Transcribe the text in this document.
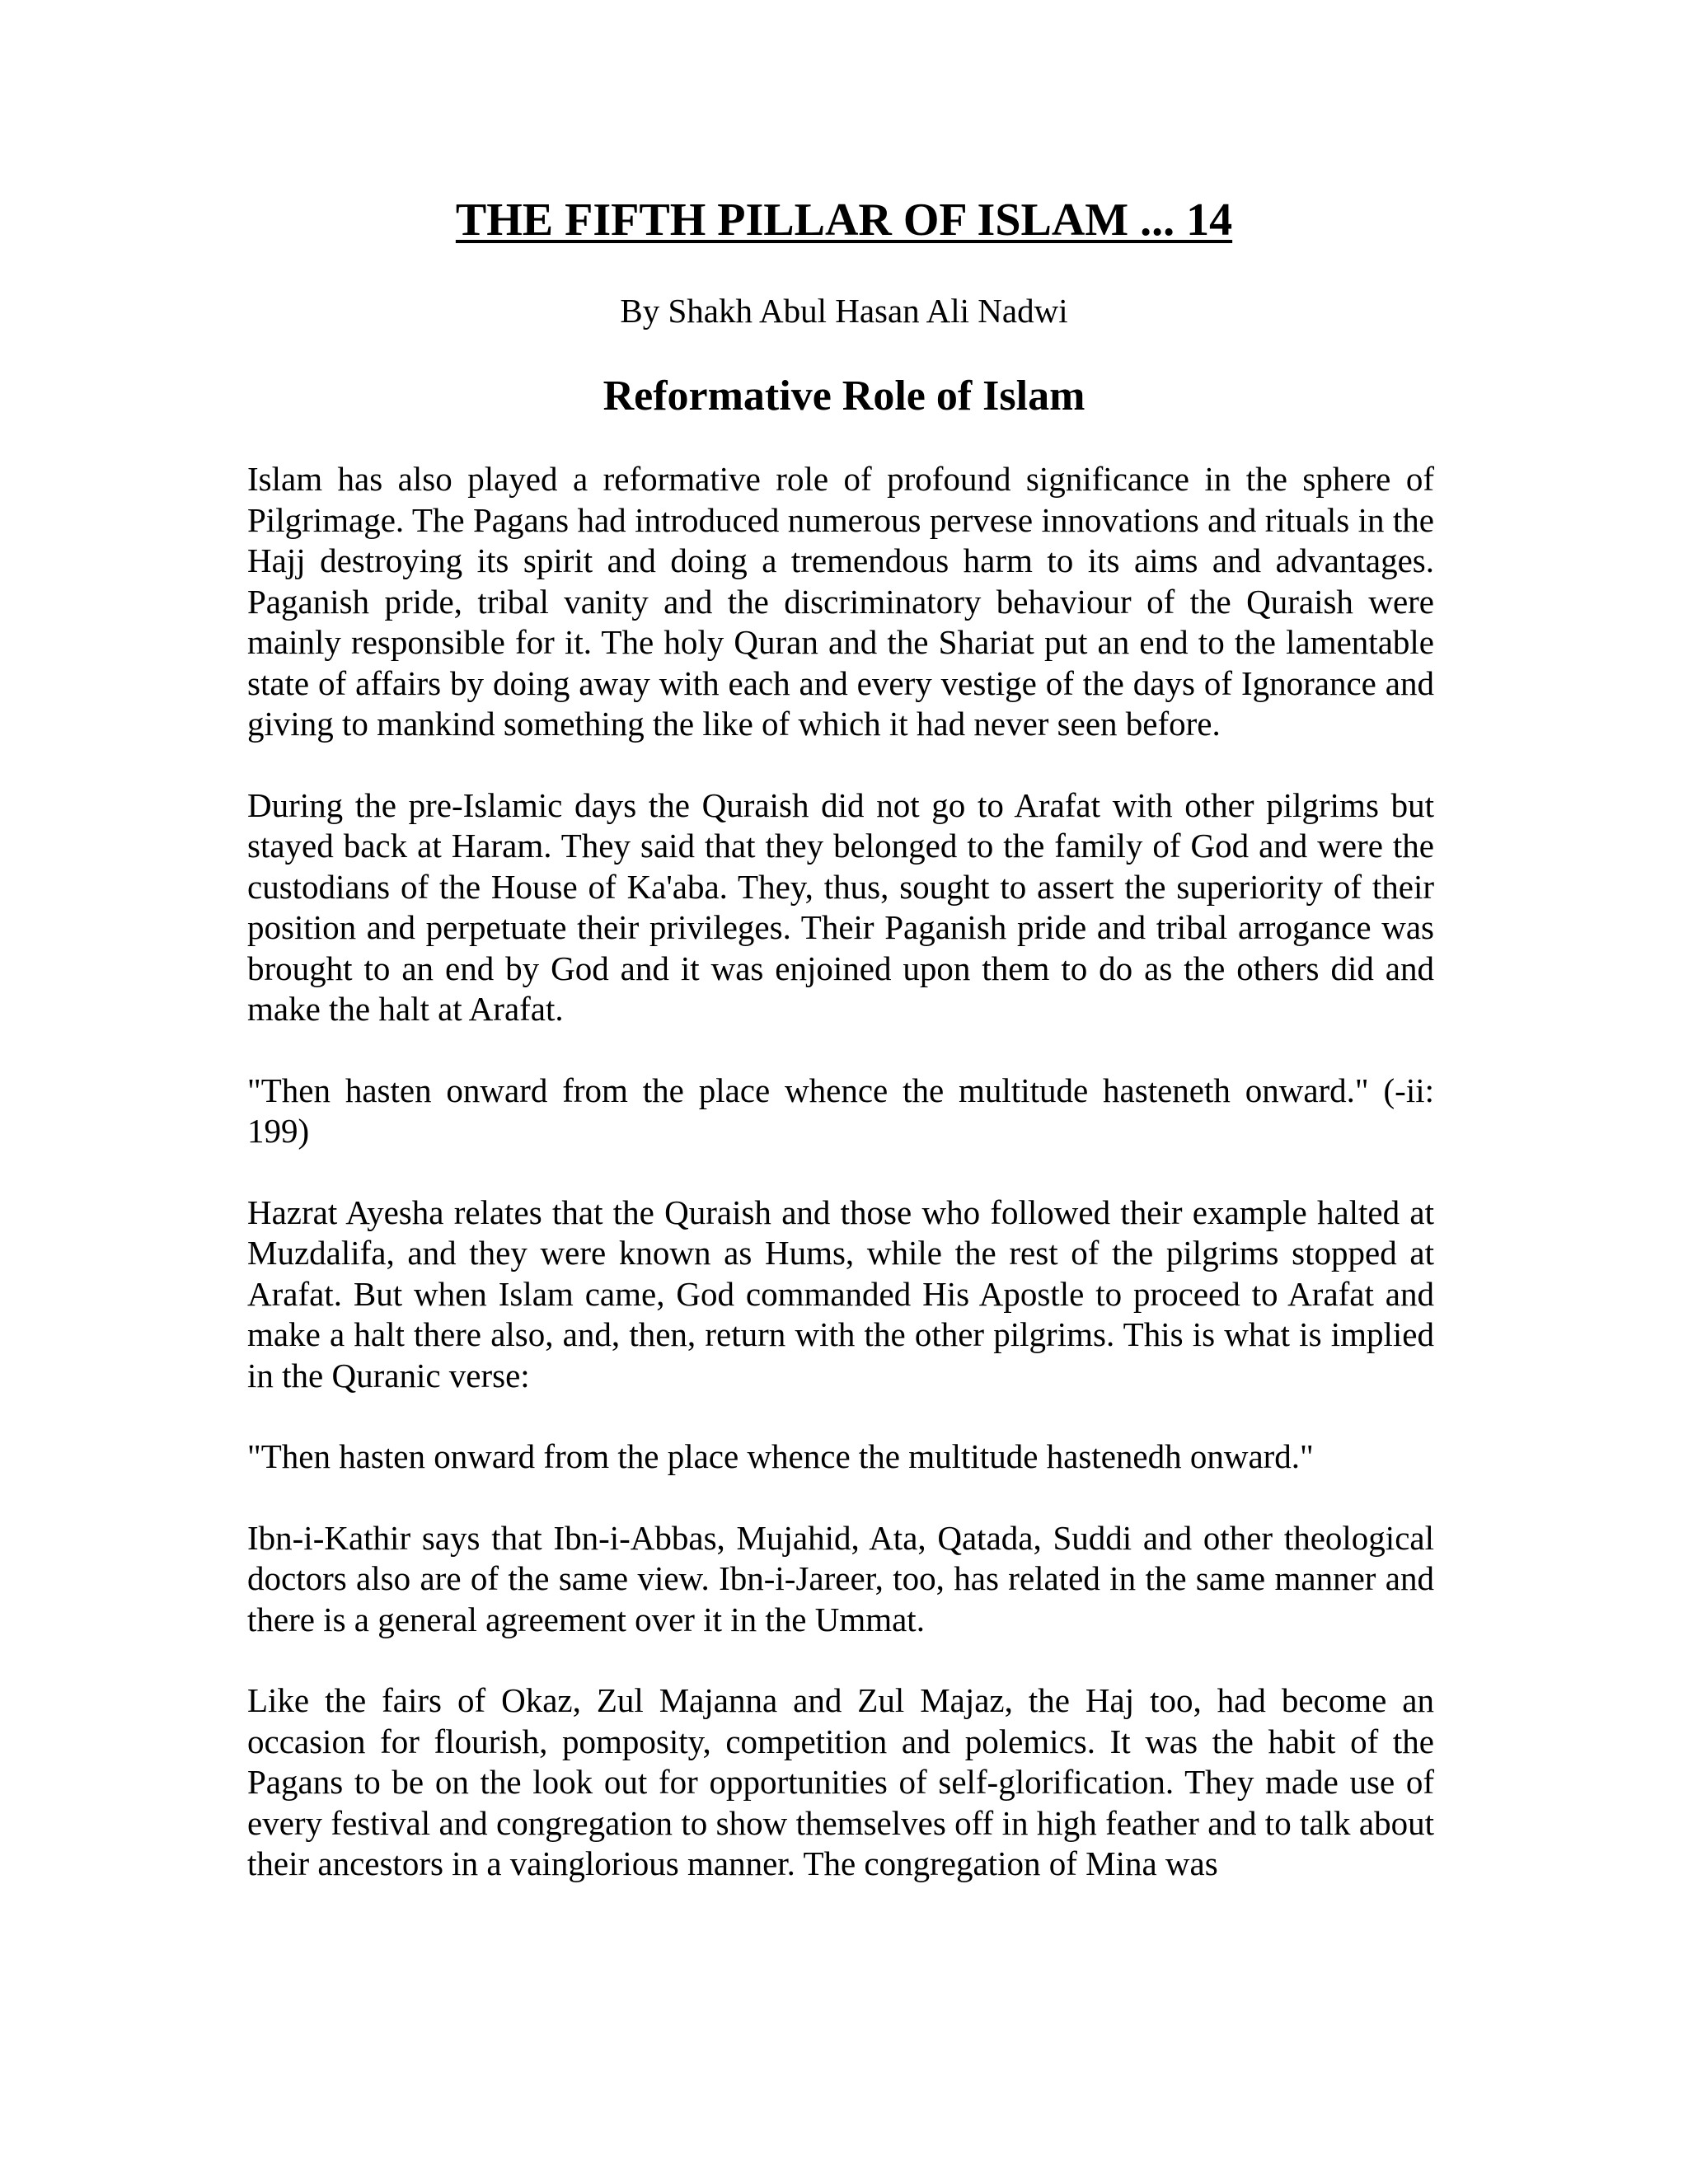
THE FIFTH PILLAR OF ISLAM ... 14

By Shakh Abul Hasan Ali Nadwi

Reformative Role of Islam

Islam has also played a reformative role of profound significance in the sphere of Pilgrimage. The Pagans had introduced numerous pervese innovations and rituals in the Hajj destroying its spirit and doing a tremendous harm to its aims and advantages. Paganish pride, tribal vanity and the discriminatory behaviour of the Quraish were mainly responsible for it. The holy Quran and the Shariat put an end to the lamentable state of affairs by doing away with each and every vestige of the days of Ignorance and giving to mankind something the like of which it had never seen before.

During the pre-Islamic days the Quraish did not go to Arafat with other pilgrims but stayed back at Haram. They said that they belonged to the family of God and were the custodians of the House of Ka'aba. They, thus, sought to assert the superiority of their position and perpetuate their privileges. Their Paganish pride and tribal arrogance was brought to an end by God and it was enjoined upon them to do as the others did and make the halt at Arafat.

"Then hasten onward from the place whence the multitude hasteneth onward." (-ii: 199)

Hazrat Ayesha relates that the Quraish and those who followed their example halted at Muzdalifa, and they were known as Hums, while the rest of the pilgrims stopped at Arafat. But when Islam came, God commanded His Apostle to proceed to Arafat and make a halt there also, and, then, return with the other pilgrims. This is what is implied in the Quranic verse:

"Then hasten onward from the place whence the multitude hastenedh onward."

Ibn-i-Kathir says that Ibn-i-Abbas, Mujahid, Ata, Qatada, Suddi and other theological doctors also are of the same view. Ibn-i-Jareer, too, has related in the same manner and there is a general agreement over it in the Ummat.

Like the fairs of Okaz, Zul Majanna and Zul Majaz, the Haj too, had become an occasion for flourish, pomposity, competition and polemics. It was the habit of the Pagans to be on the look out for opportunities of self-glorification. They made use of every festival and congregation to show themselves off in high feather and to talk about their ancestors in a vainglorious manner. The congregation of Mina was
